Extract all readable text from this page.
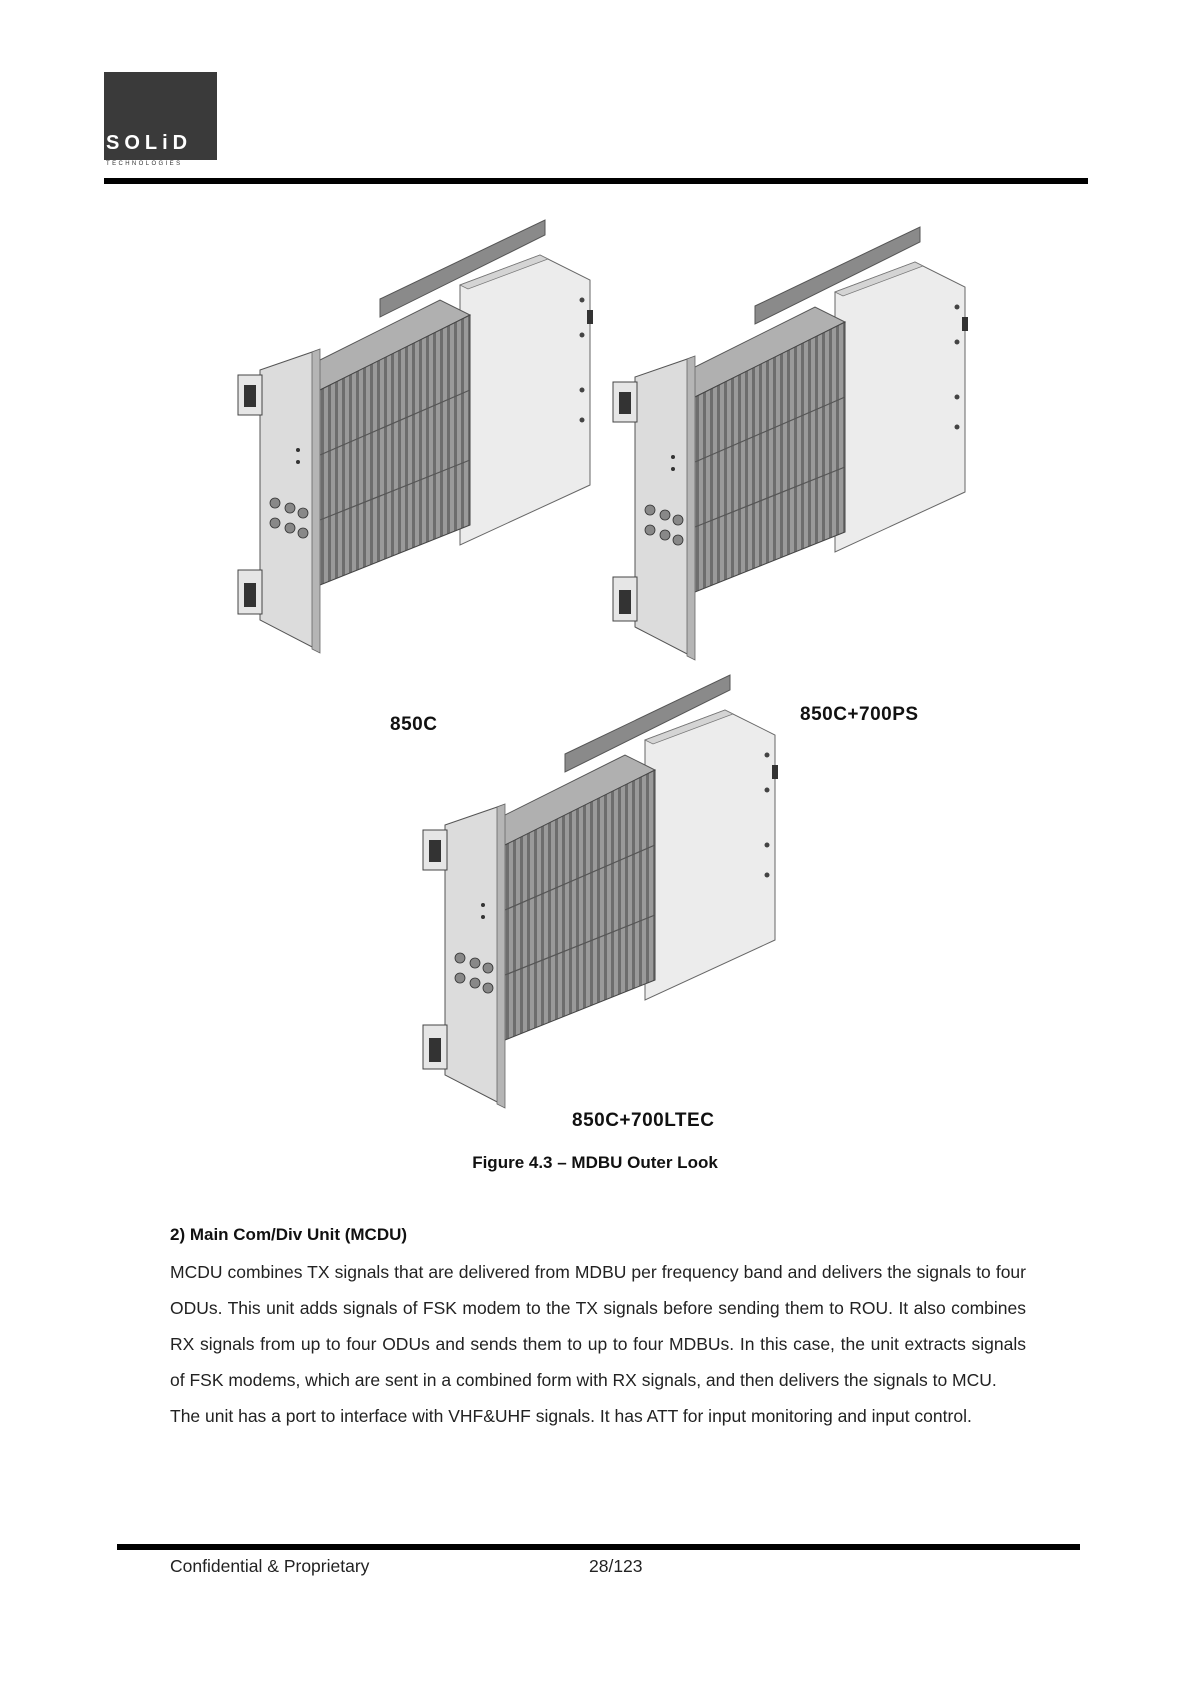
SOLiD
TECHNOLOGIES
850C	850C+700PS
850C+700LTEC
Figure 4.3 – MDBU Outer Look
2) Main Com/Div Unit (MCDU)

MCDU combines TX signals that are delivered from MDBU per frequency band and delivers the signals to four ODUs. This unit adds signals of FSK modem to the TX signals before sending them to ROU. It also combines RX signals from up to four ODUs and sends them to up to four MDBUs. In this case, the unit extracts signals of FSK modems, which are sent in a combined form with RX signals, and then delivers the signals to MCU.

The unit has a port to interface with VHF&UHF signals. It has ATT for input monitoring and input control.

Confidential & Proprietary	28/123
